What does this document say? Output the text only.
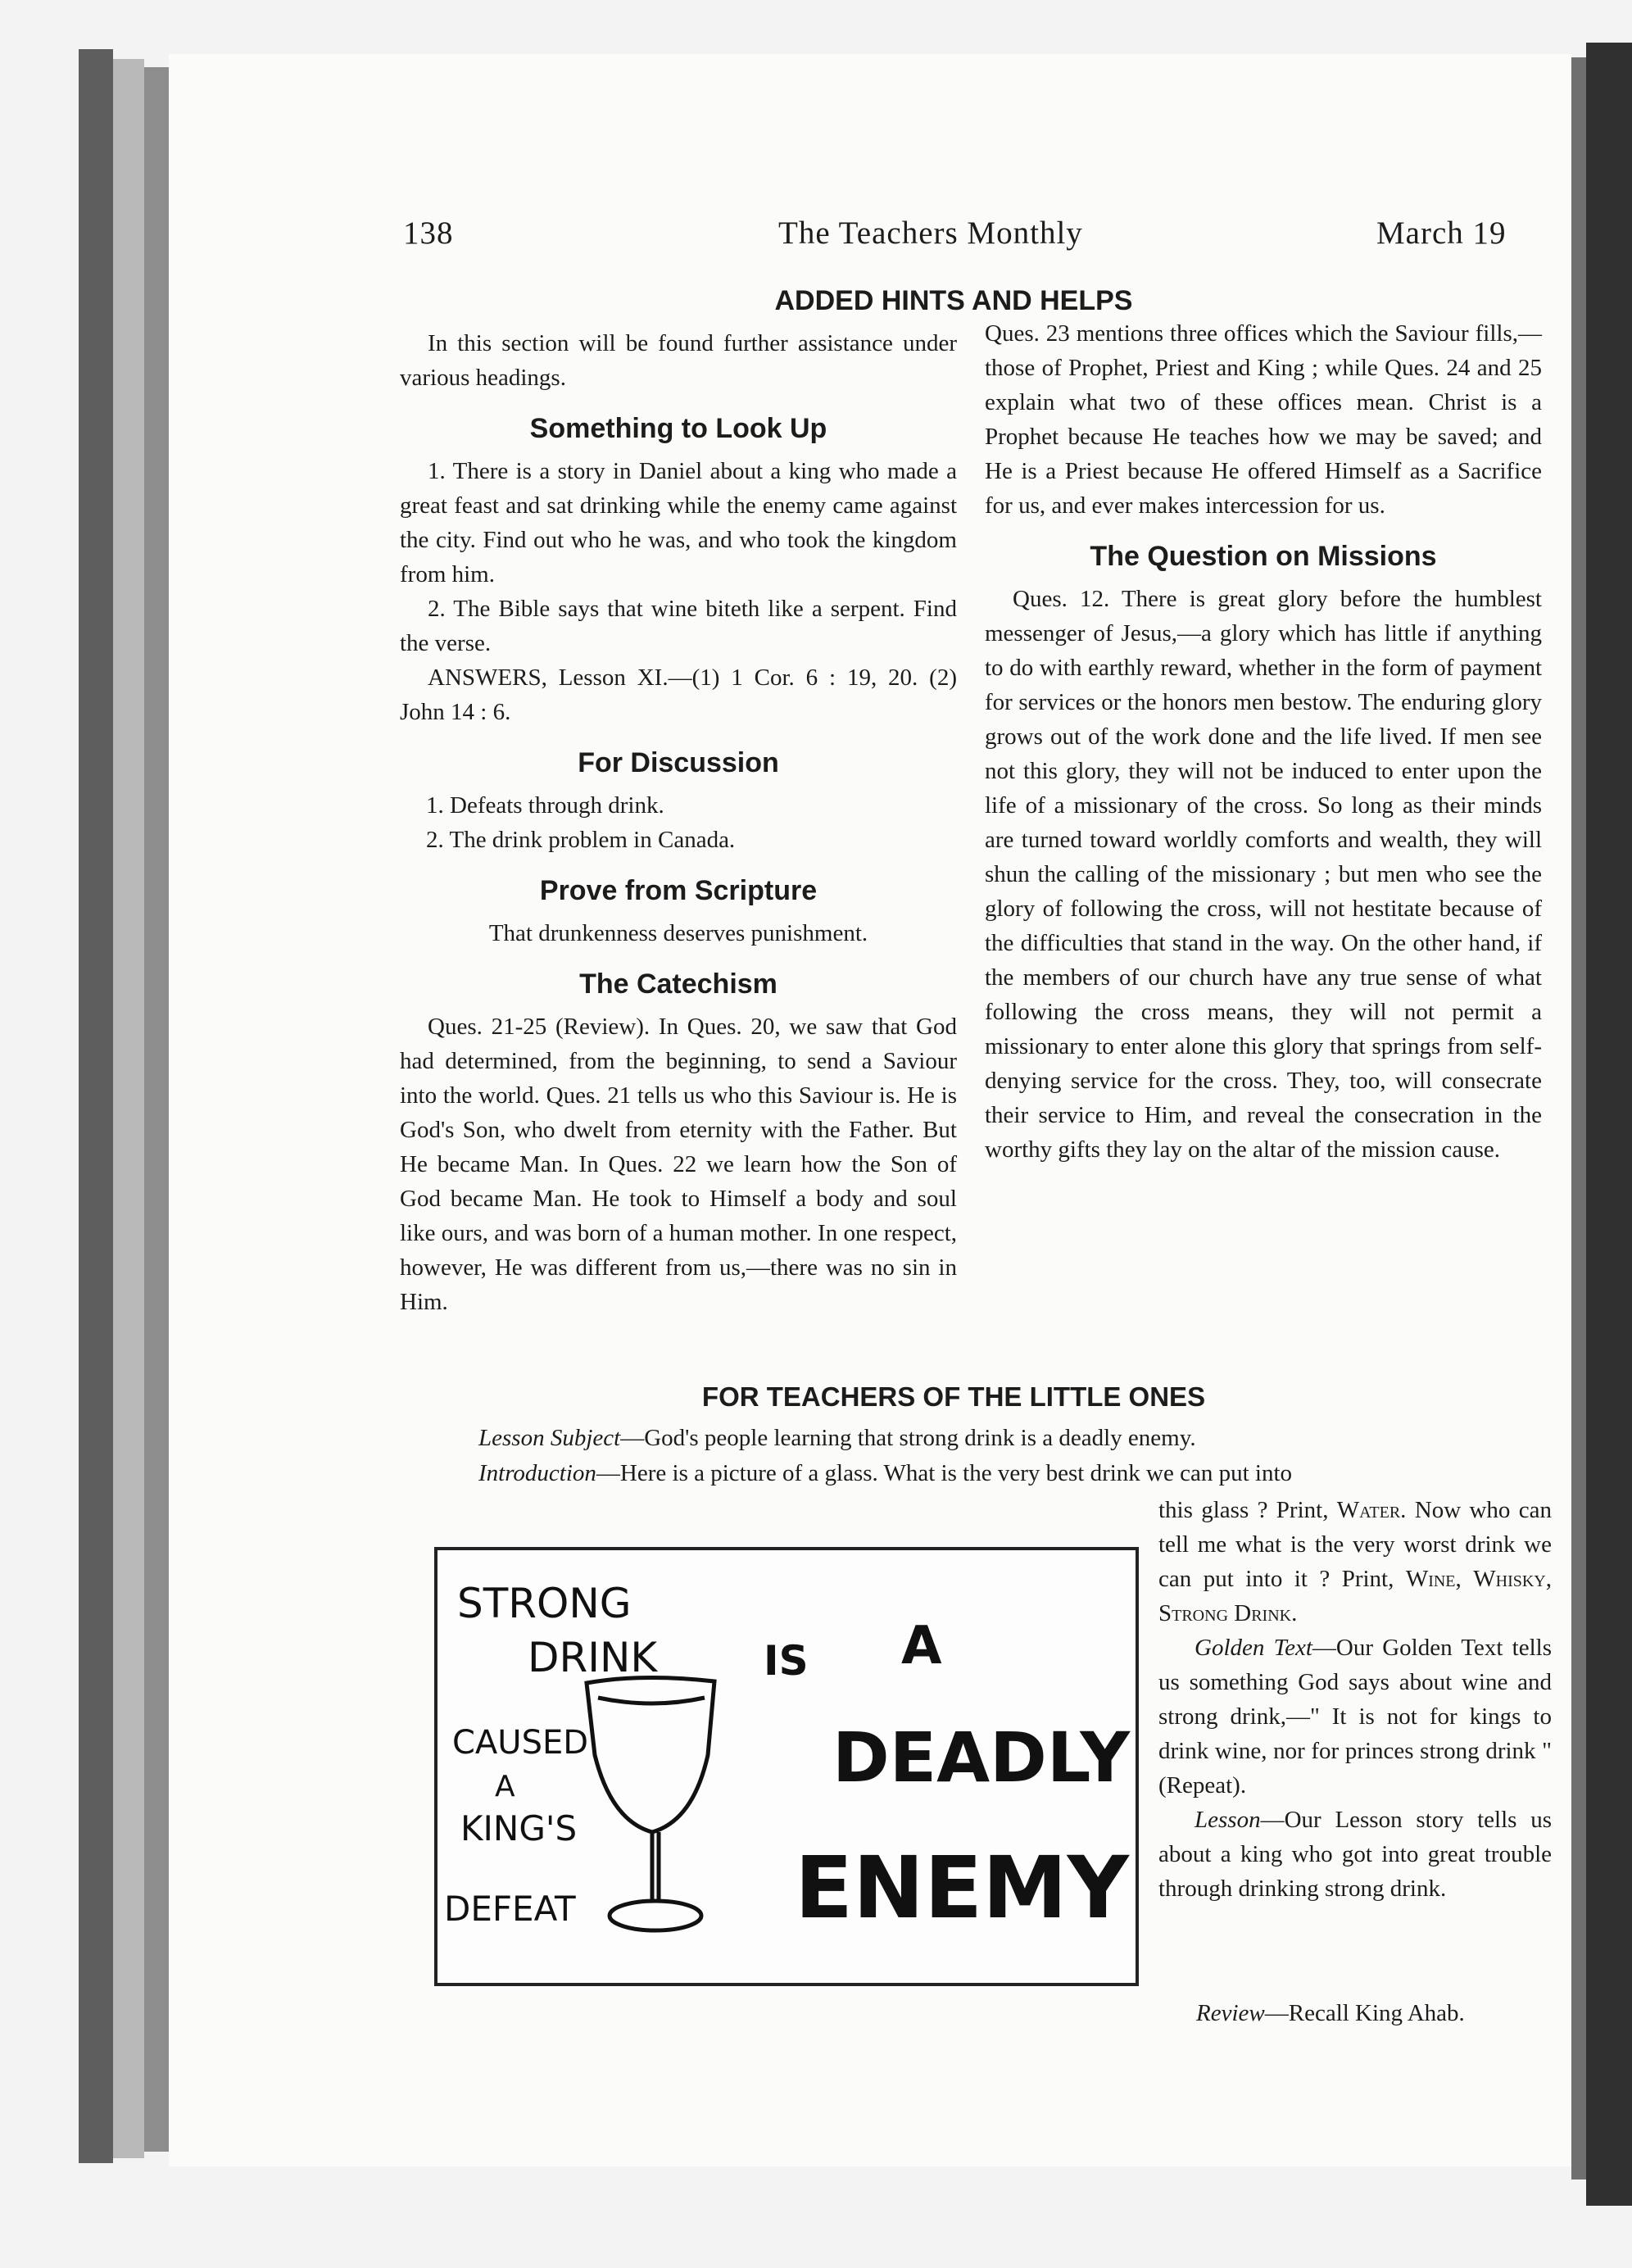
138	The Teachers Monthly	March 19
ADDED HINTS AND HELPS

In this section will be found further assistance under various headings.

Something to Look Up

1. There is a story in Daniel about a king who made a great feast and sat drinking while the enemy came against the city. Find out who he was, and who took the kingdom from him.

2. The Bible says that wine biteth like a serpent. Find the verse.

ANSWERS, Lesson XI.—(1) 1 Cor. 6 : 19, 20. (2) John 14 : 6.

For Discussion

1. Defeats through drink.

2. The drink problem in Canada.

Prove from Scripture

That drunkenness deserves punishment.

The Catechism

Ques. 21-25 (Review). In Ques. 20, we saw that God had determined, from the beginning, to send a Saviour into the world. Ques. 21 tells us who this Saviour is. He is God's Son, who dwelt from eternity with the Father. But He became Man. In Ques. 22 we learn how the Son of God became Man. He took to Himself a body and soul like ours, and was born of a human mother. In one respect, however, He was different from us,—there was no sin in Him.

Ques. 23 mentions three offices which the Saviour fills,—those of Prophet, Priest and King ; while Ques. 24 and 25 explain what two of these offices mean. Christ is a Prophet because He teaches how we may be saved; and He is a Priest because He offered Himself as a Sacrifice for us, and ever makes intercession for us.

The Question on Missions

Ques. 12. There is great glory before the humblest messenger of Jesus,—a glory which has little if anything to do with earthly reward, whether in the form of payment for services or the honors men bestow. The enduring glory grows out of the work done and the life lived. If men see not this glory, they will not be induced to enter upon the life of a missionary of the cross. So long as their minds are turned toward worldly comforts and wealth, they will shun the calling of the missionary ; but men who see the glory of following the cross, will not hestitate because of the difficulties that stand in the way. On the other hand, if the members of our church have any true sense of what following the cross means, they will not permit a missionary to enter alone this glory that springs from self-denying service for the cross. They, too, will consecrate their service to Him, and reveal the consecration in the worthy gifts they lay on the altar of the mission cause.

FOR TEACHERS OF THE LITTLE ONES
Lesson Subject—God's people learning that strong drink is a deadly enemy.
Introduction—Here is a picture of a glass. What is the very best drink we can put into
STRONG
DRINK
CAUSED
A
KING'S
DEFEAT
IS A
DEADLY
ENEMY

this glass ? Print, Water. Now who can tell me what is the very worst drink we can put into it ? Print, Wine, Whisky, Strong Drink.

Golden Text—Our Golden Text tells us something God says about wine and strong drink,—" It is not for kings to drink wine, nor for princes strong drink " (Repeat).

Lesson—Our Lesson story tells us about a king who got into great trouble through drinking strong drink.

Review—Recall King Ahab.
